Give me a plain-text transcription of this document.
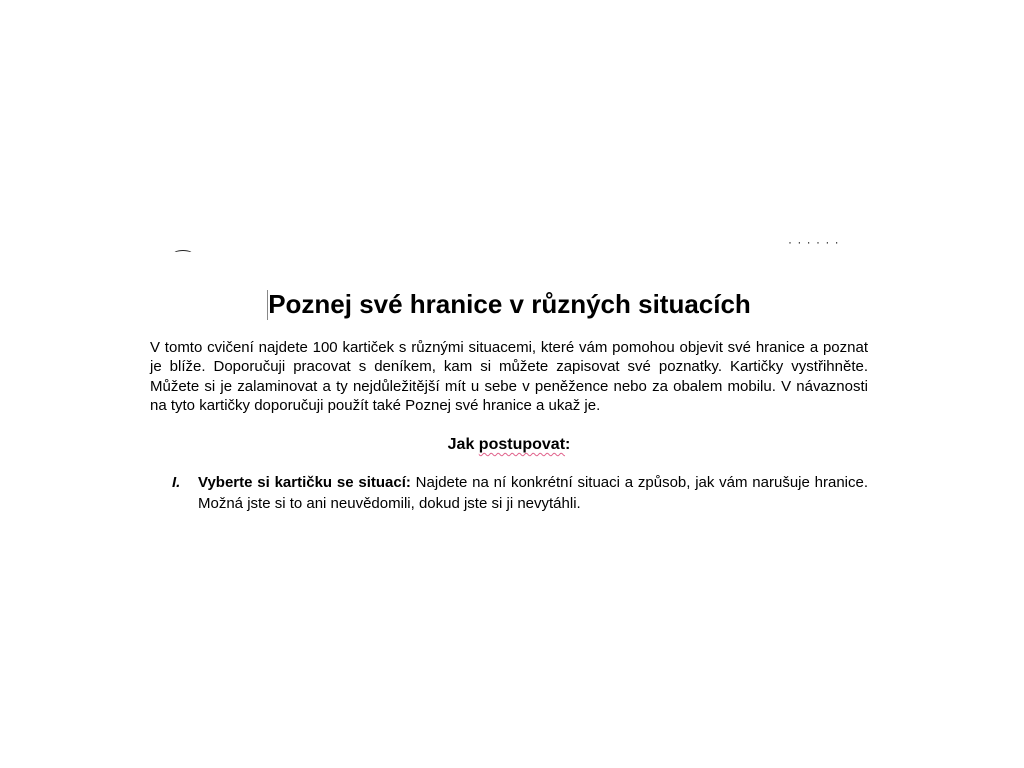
· · · · · ·
Poznej své hranice v různých situacích

V tomto cvičení najdete 100 kartiček s různými situacemi, které vám pomohou objevit své hranice a poznat je blíže. Doporučuji pracovat s deníkem, kam si můžete zapisovat své poznatky. Kartičky vystřihněte. Můžete si je zalaminovat a ty nejdůležitější mít u sebe v peněžence nebo za obalem mobilu. V návaznosti na tyto kartičky doporučuji použít také Poznej své hranice a ukaž je.

Jak postupovat:

I. Vyberte si kartičku se situací: Najdete na ní konkrétní situaci a způsob, jak vám narušuje hranice. Možná jste si to ani neuvědomili, dokud jste si ji nevytáhli.
